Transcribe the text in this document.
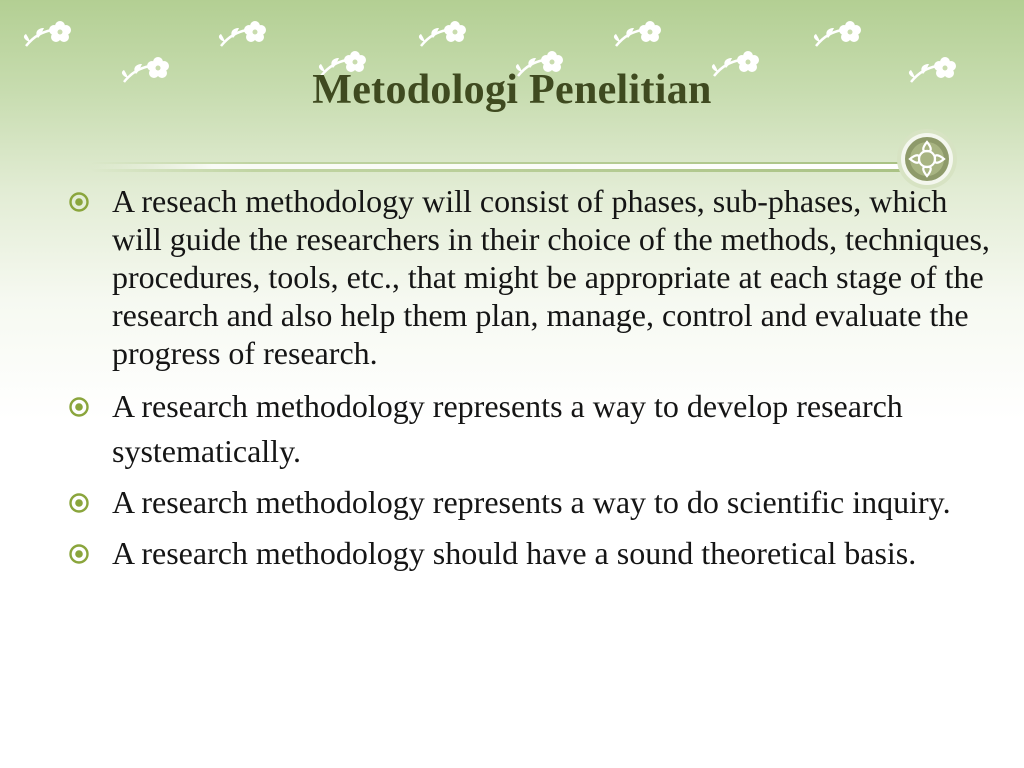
Metodologi Penelitian
A reseach methodology will consist of phases, sub-phases, which will guide the researchers in their choice of the methods, techniques, procedures, tools, etc., that might be appropriate at each stage of the research and also help them plan, manage, control and evaluate the progress of research.
A research methodology represents a way to develop research systematically.
A research methodology represents a way to do scientific inquiry.
A research methodology should have a sound theoretical basis.
